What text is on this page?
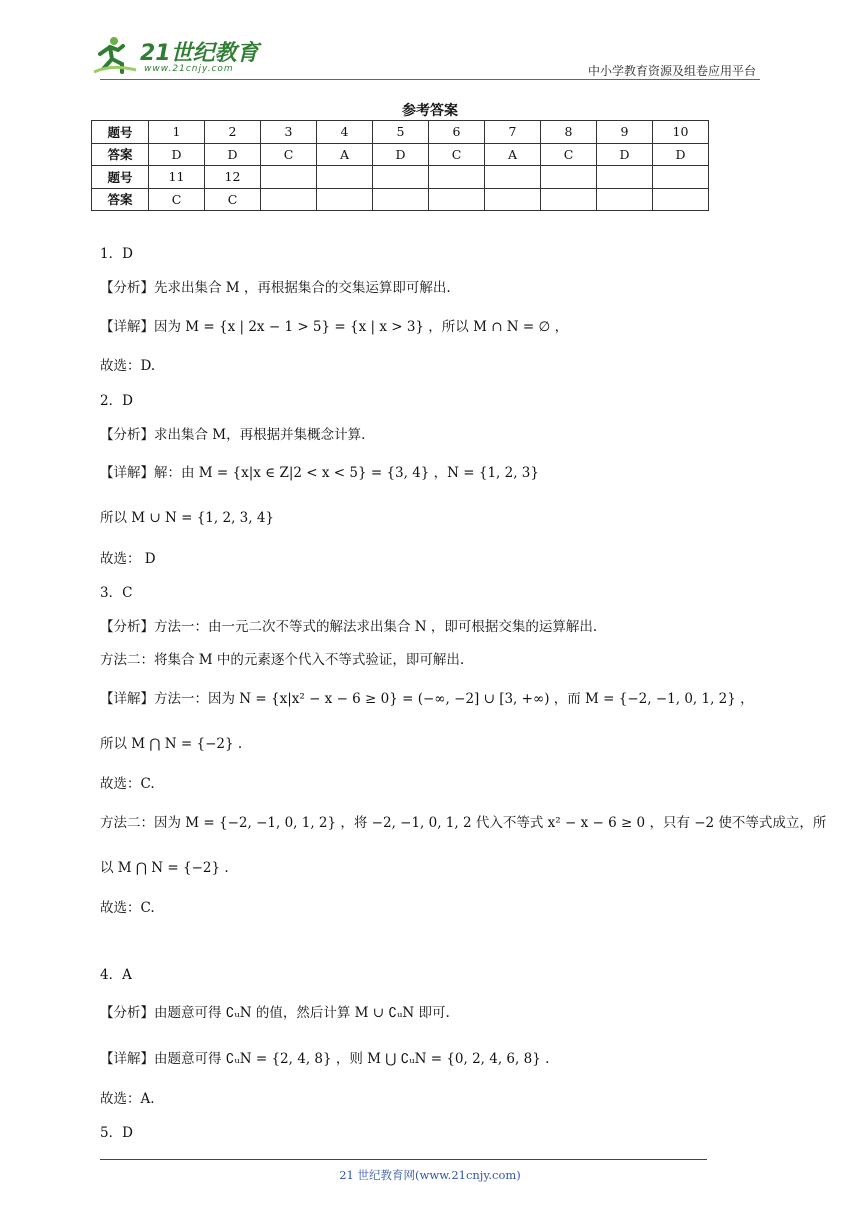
21世纪教育
www.21cnjy.com	中小学教育资源及组卷应用平台
参考答案
题号	1	2	3	4	5	6	7	8	9	10
答案	D	D	C	A	D	C	A	C	D	D
题号	11	12								
答案	C	C								
1．D
【分析】先求出集合 M ，再根据集合的交集运算即可解出.
【详解】因为 M = {x | 2x − 1 > 5} = {x | x > 3} ，所以 M ∩ N = ∅ ，
故选：D.
2．D
【分析】求出集合 M，再根据并集概念计算.
【详解】解：由 M = {x|x ∈ Z|2 < x < 5} = {3, 4} ，N = {1, 2, 3}
所以 M ∪ N = {1, 2, 3, 4}
故选： D
3．C
【分析】方法一：由一元二次不等式的解法求出集合 N ，即可根据交集的运算解出.
方法二：将集合 M 中的元素逐个代入不等式验证，即可解出.
【详解】方法一：因为 N = {x|x² − x − 6 ≥ 0} = (−∞, −2] ∪ [3, +∞) ，而 M = {−2, −1, 0, 1, 2} ，
所以 M ⋂ N = {−2} .
故选：C.
方法二：因为 M = {−2, −1, 0, 1, 2} ，将 −2, −1, 0, 1, 2 代入不等式 x² − x − 6 ≥ 0 ，只有 −2 使不等式成立，所
以 M ⋂ N = {−2} .
故选：C.
4．A
【分析】由题意可得 ∁ᵤN 的值，然后计算 M ∪ ∁ᵤN 即可.
【详解】由题意可得 ∁ᵤN = {2, 4, 8} ，则 M ⋃ ∁ᵤN = {0, 2, 4, 6, 8} .
故选：A.
5．D
21 世纪教育网(www.21cnjy.com)
